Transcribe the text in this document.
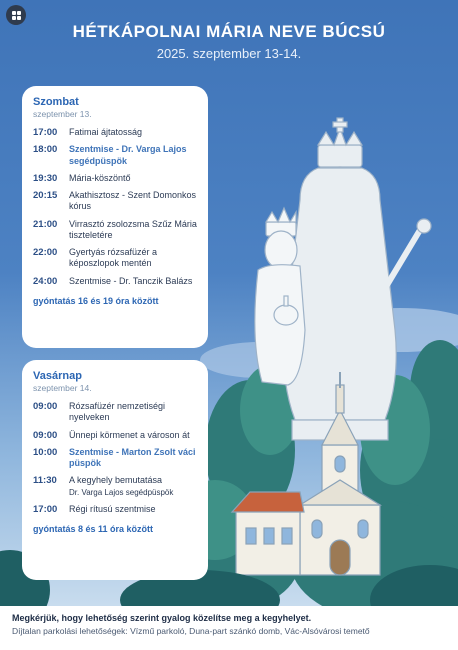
HÉTKÁPOLNAI MÁRIA NEVE BÚCSÚ
2025. szeptember 13-14.
Szombat
szeptember 13.
17:00	Fatimai ájtatosság
18:00	Szentmise - Dr. Varga Lajos segédpüspök
19:30	Mária-köszöntő
20:15	Akathisztosz - Szent Domonkos kórus
21:00	Virrasztó zsolozsma Szűz Mária tiszteletére
22:00	Gyertyás rózsafüzér a képoszlopok mentén
24:00	Szentmise - Dr. Tanczik Balázs
gyóntatás 16 és 19 óra között
Vasárnap
szeptember 14.
09:00	Rózsafüzér nemzetiségi nyelveken
09:00	Ünnepi körmenet a városon át
10:00	Szentmise - Marton Zsolt váci püspök
11:30	A kegyhely bemutatása
Dr. Varga Lajos segédpüspök
17:00	Régi rítusú szentmise
gyóntatás 8 és 11 óra között
Megkérjük, hogy lehetőség szerint gyalog közelítse meg a kegyhelyet.
Díjtalan parkolási lehetőségek: Vízmű parkoló, Duna-part szánkó domb, Vác-Alsóvárosi temető
